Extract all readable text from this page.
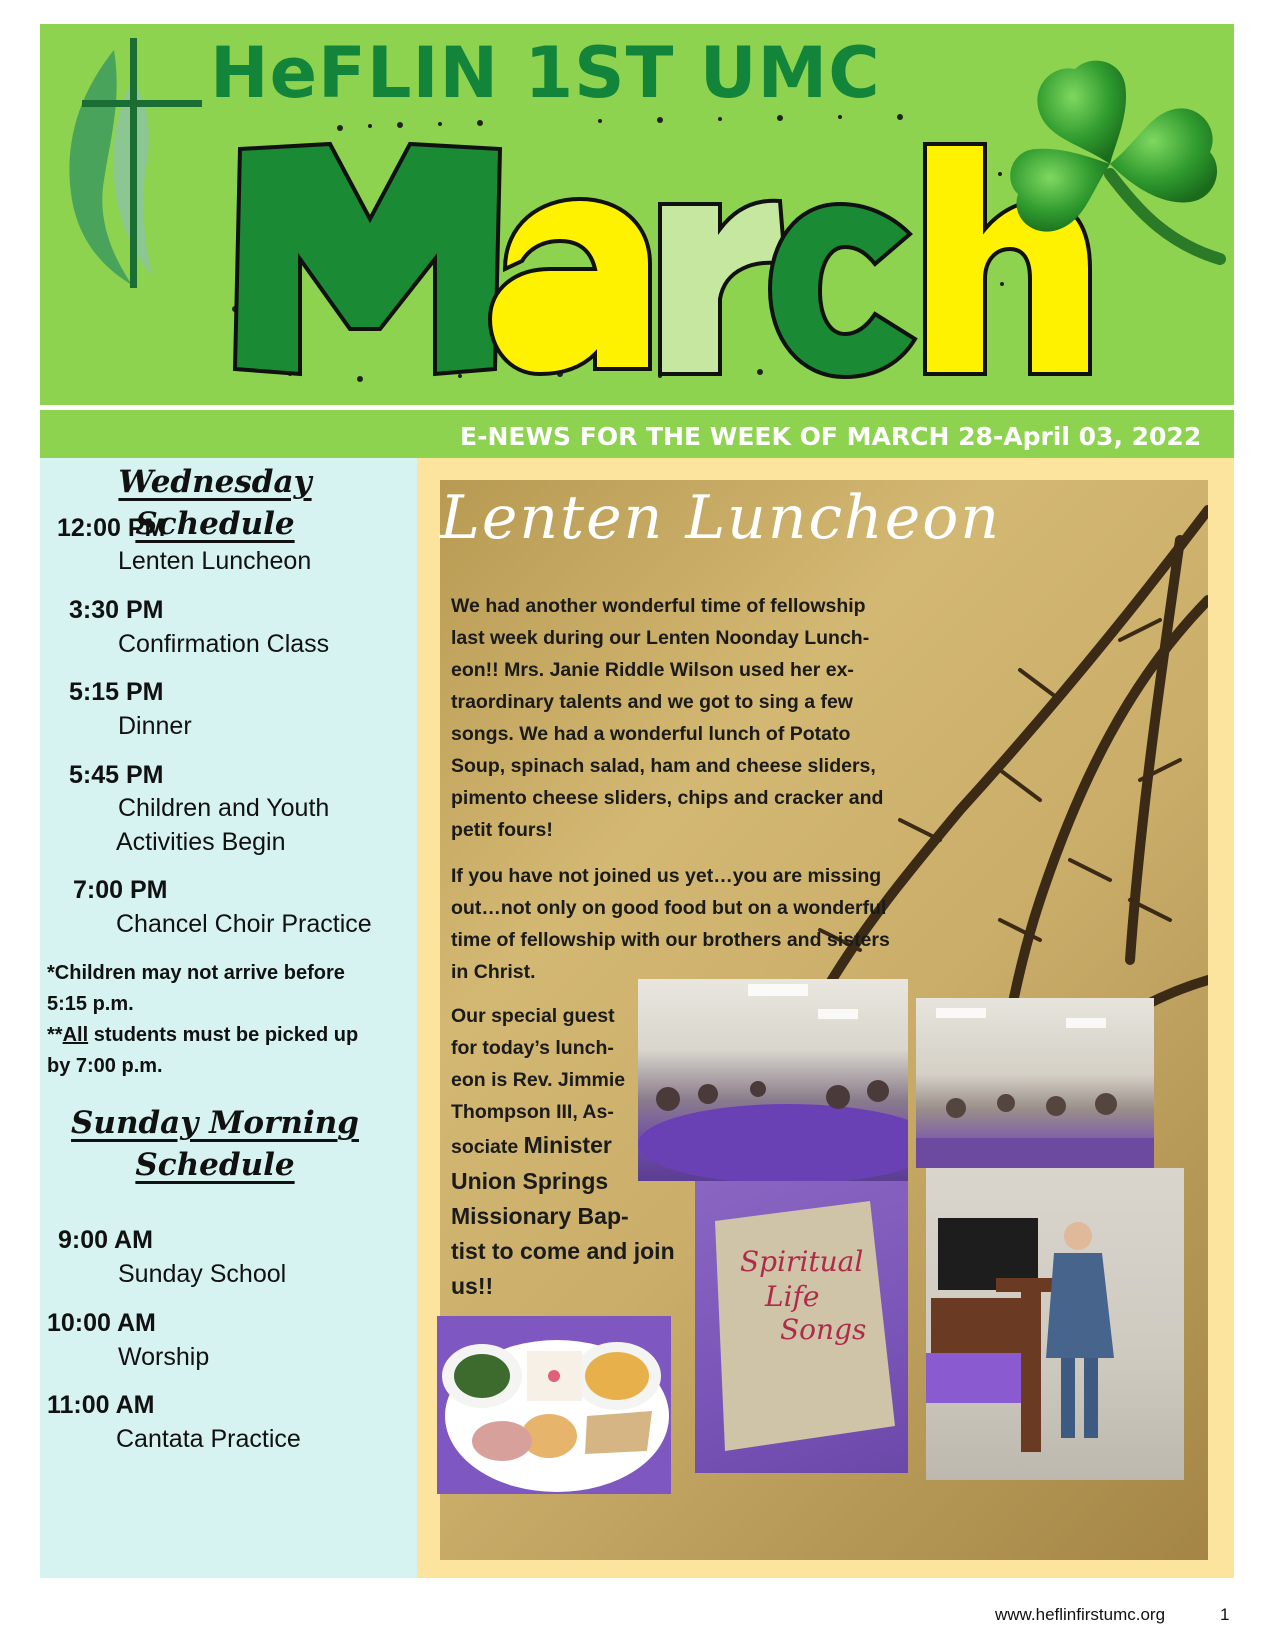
HeFLIN 1ST UMC
E-NEWS FOR THE WEEK OF MARCH 28-April 03, 2022
Wednesday Schedule
12:00 PM
Lenten Luncheon
3:30 PM
Confirmation Class
5:15 PM
Dinner
5:45 PM
Children and Youth
Activities Begin
7:00 PM
Chancel Choir Practice
*Children may not arrive before
5:15 p.m.
**All students must be picked up
by 7:00 p.m.
Sunday Morning
Schedule
9:00 AM
Sunday School
10:00 AM
Worship
11:00 AM
Cantata Practice
Lenten Luncheon
We had another wonderful time of fellowship
last week during our Lenten Noonday Lunch-
eon!! Mrs. Janie Riddle Wilson used her ex-
traordinary talents and we got to sing a few
songs. We had a wonderful lunch of Potato
Soup, spinach salad, ham and cheese sliders,
pimento cheese sliders, chips and cracker and
petit fours!
If you have not joined us yet…you are missing
out…not only on good food but on a wonderful
time of fellowship with our brothers and sisters
in Christ.
Our special guest
for today’s lunch-
eon is Rev. Jimmie
Thompson III, As-
sociate Minister
Union Springs
Missionary Bap-
tist to come and join
us!!
Spiritual
Life
Songs
www.heflinfirstumc.org	1
